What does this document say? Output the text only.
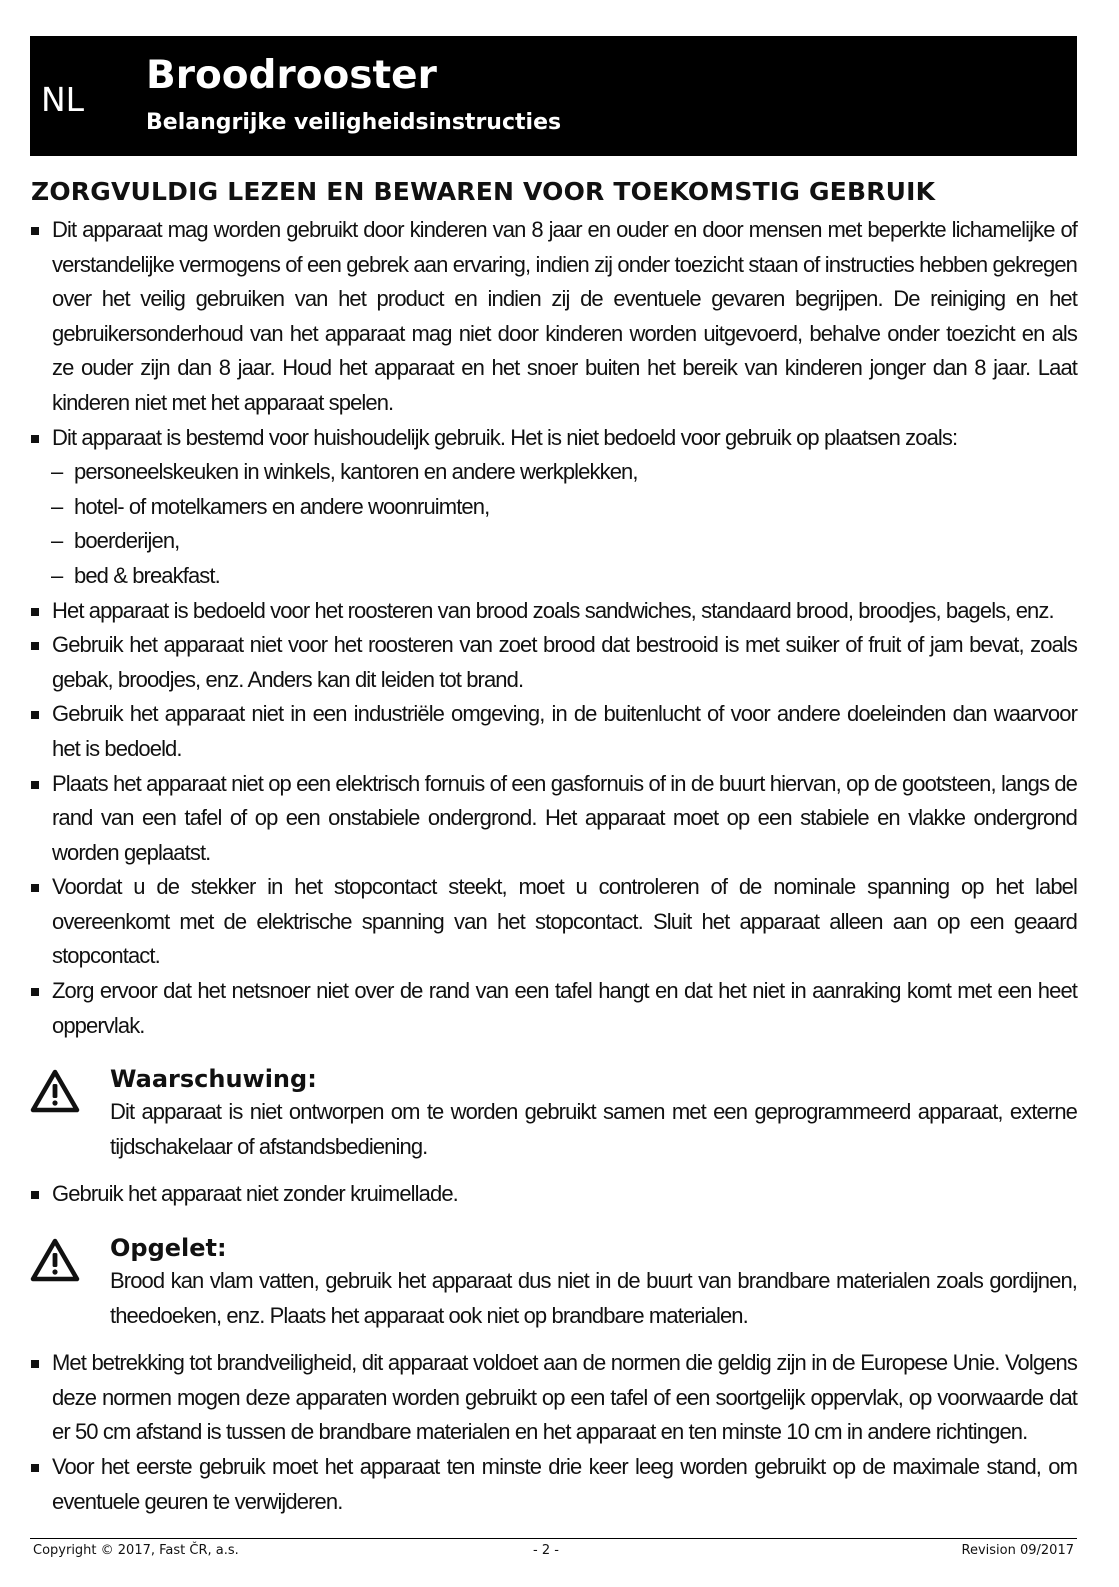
NL
Broodrooster
Belangrijke veiligheidsinstructies
ZORGVULDIG LEZEN EN BEWAREN VOOR TOEKOMSTIG GEBRUIK
Dit apparaat mag worden gebruikt door kinderen van 8 jaar en ouder en door mensen met beperkte lichamelijke of verstandelijke vermogens of een gebrek aan ervaring, indien zij onder toezicht staan of instructies hebben gekregen over het veilig gebruiken van het product en indien zij de eventuele gevaren begrijpen. De reiniging en het gebruikersonderhoud van het apparaat mag niet door kinderen worden uitgevoerd, behalve onder toezicht en als ze ouder zijn dan 8 jaar. Houd het apparaat en het snoer buiten het bereik van kinderen jonger dan 8 jaar. Laat kinderen niet met het apparaat spelen.
Dit apparaat is bestemd voor huishoudelijk gebruik. Het is niet bedoeld voor gebruik op plaatsen zoals:
– personeelskeuken in winkels, kantoren en andere werkplekken,
– hotel- of motelkamers en andere woonruimten,
– boerderijen,
– bed & breakfast.
Het apparaat is bedoeld voor het roosteren van brood zoals sandwiches, standaard brood, broodjes, bagels, enz.
Gebruik het apparaat niet voor het roosteren van zoet brood dat bestrooid is met suiker of fruit of jam bevat, zoals gebak, broodjes, enz. Anders kan dit leiden tot brand.
Gebruik het apparaat niet in een industriële omgeving, in de buitenlucht of voor andere doeleinden dan waarvoor het is bedoeld.
Plaats het apparaat niet op een elektrisch fornuis of een gasfornuis of in de buurt hiervan, op de gootsteen, langs de rand van een tafel of op een onstabiele ondergrond. Het apparaat moet op een stabiele en vlakke ondergrond worden geplaatst.
Voordat u de stekker in het stopcontact steekt, moet u controleren of de nominale spanning op het label overeenkomt met de elektrische spanning van het stopcontact. Sluit het apparaat alleen aan op een geaard stopcontact.
Zorg ervoor dat het netsnoer niet over de rand van een tafel hangt en dat het niet in aanraking komt met een heet oppervlak.
Waarschuwing:
Dit apparaat is niet ontworpen om te worden gebruikt samen met een geprogrammeerd apparaat, externe tijdschakelaar of afstandsbediening.
Gebruik het apparaat niet zonder kruimellade.
Opgelet:
Brood kan vlam vatten, gebruik het apparaat dus niet in de buurt van brandbare materialen zoals gordijnen, theedoeken, enz. Plaats het apparaat ook niet op brandbare materialen.
Met betrekking tot brandveiligheid, dit apparaat voldoet aan de normen die geldig zijn in de Europese Unie. Volgens deze normen mogen deze apparaten worden gebruikt op een tafel of een soortgelijk oppervlak, op voorwaarde dat er 50 cm afstand is tussen de brandbare materialen en het apparaat en ten minste 10 cm in andere richtingen.
Voor het eerste gebruik moet het apparaat ten minste drie keer leeg worden gebruikt op de maximale stand, om eventuele geuren te verwijderen.
Copyright © 2017, Fast ČR, a.s.	- 2 -	Revision 09/2017
